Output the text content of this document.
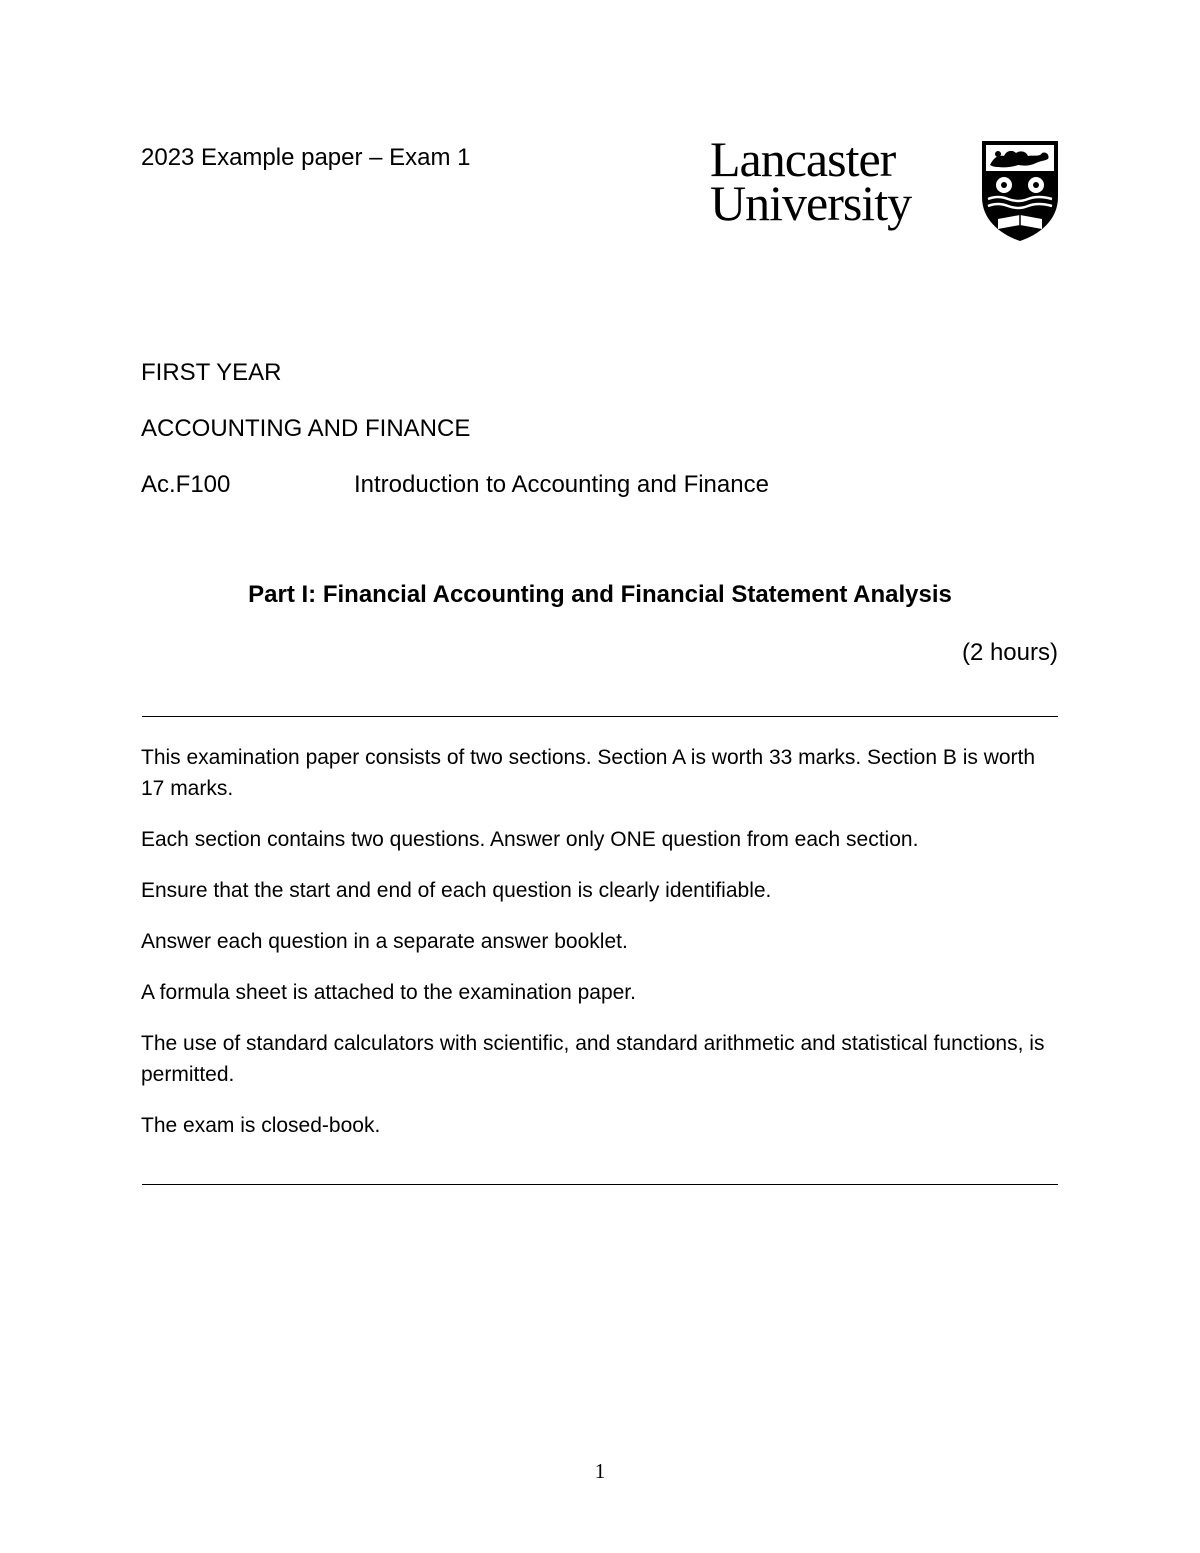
2023 Example paper – Exam 1	Lancaster
University
FIRST YEAR
ACCOUNTING AND FINANCE
Ac.F100	Introduction to Accounting and Finance
Part I: Financial Accounting and Financial Statement Analysis
(2 hours)

This examination paper consists of two sections. Section A is worth 33 marks. Section B is worth 17 marks.

Each section contains two questions. Answer only ONE question from each section.

Ensure that the start and end of each question is clearly identifiable.

Answer each question in a separate answer booklet.

A formula sheet is attached to the examination paper.

The use of standard calculators with scientific, and standard arithmetic and statistical functions, is permitted.

The exam is closed-book.

1
